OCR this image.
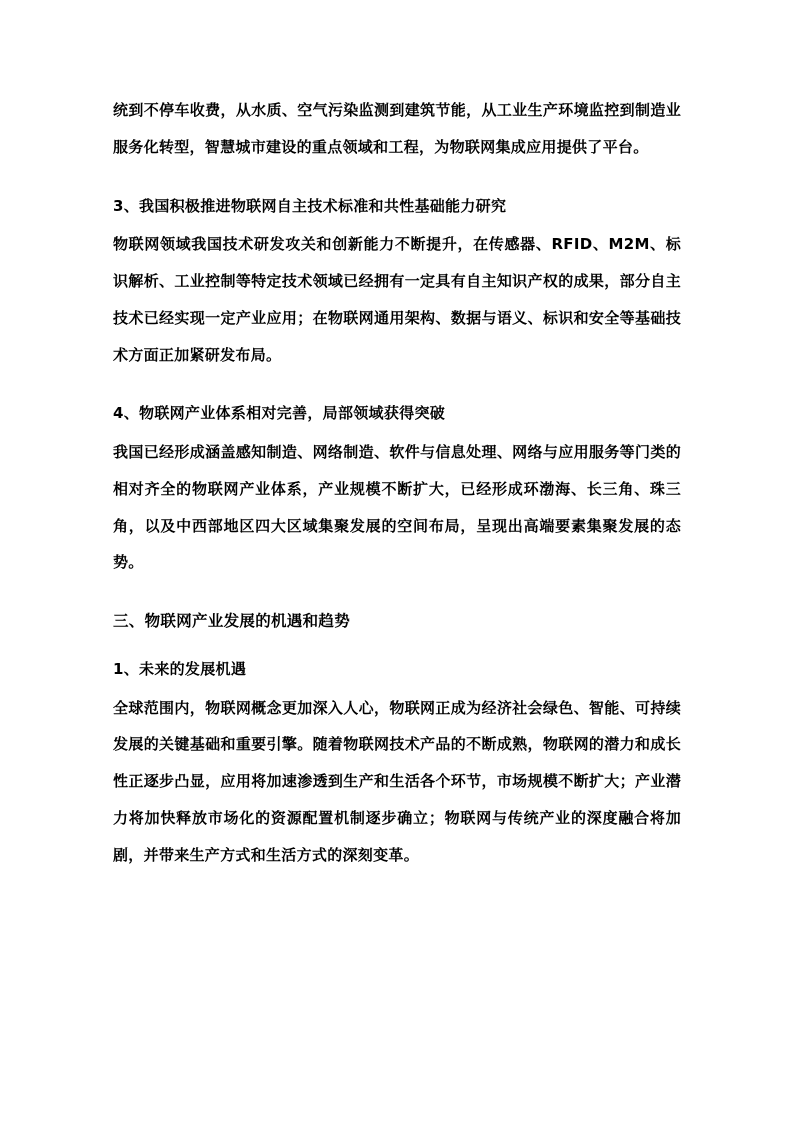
统到不停车收费，从水质、空气污染监测到建筑节能，从工业生产环境监控到制造业服务化转型，智慧城市建设的重点领域和工程，为物联网集成应用提供了平台。

3、我国积极推进物联网自主技术标准和共性基础能力研究

物联网领域我国技术研发攻关和创新能力不断提升，在传感器、RFID、M2M、标识解析、工业控制等特定技术领域已经拥有一定具有自主知识产权的成果，部分自主技术已经实现一定产业应用；在物联网通用架构、数据与语义、标识和安全等基础技术方面正加紧研发布局。

4、物联网产业体系相对完善，局部领域获得突破

我国已经形成涵盖感知制造、网络制造、软件与信息处理、网络与应用服务等门类的相对齐全的物联网产业体系，产业规模不断扩大，已经形成环渤海、长三角、珠三角，以及中西部地区四大区域集聚发展的空间布局，呈现出高端要素集聚发展的态势。

三、物联网产业发展的机遇和趋势
1、未来的发展机遇

全球范围内，物联网概念更加深入人心，物联网正成为经济社会绿色、智能、可持续发展的关键基础和重要引擎。随着物联网技术产品的不断成熟，物联网的潜力和成长性正逐步凸显，应用将加速渗透到生产和生活各个环节，市场规模不断扩大；产业潜力将加快释放市场化的资源配置机制逐步确立；物联网与传统产业的深度融合将加剧，并带来生产方式和生活方式的深刻变革。
